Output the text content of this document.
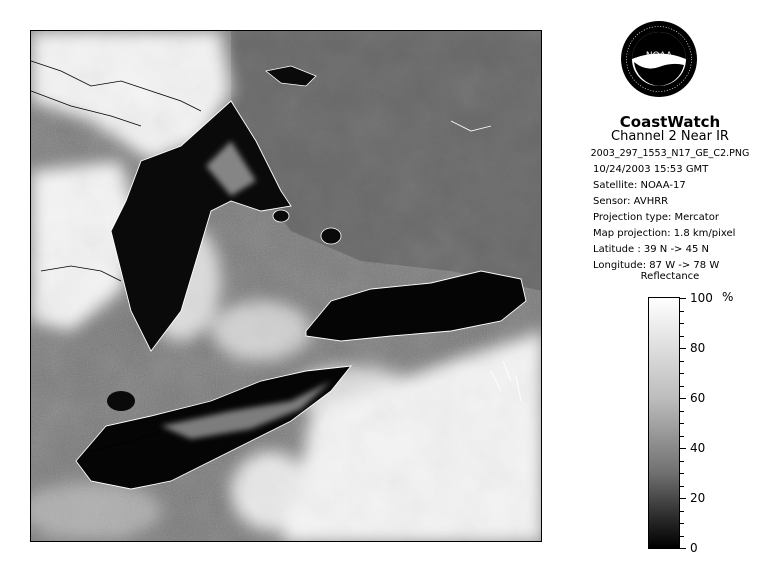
NOAA
CoastWatch
Channel 2 Near IR
2003_297_1553_N17_GE_C2.PNG
10/24/2003 15:53 GMT
Satellite: NOAA-17
Sensor: AVHRR
Projection type: Mercator
Map projection: 1.8 km/pixel
Latitude : 39 N -> 45 N
Longitude: 87 W -> 78 W
Reflectance
%
100
80
60
40
20
0
